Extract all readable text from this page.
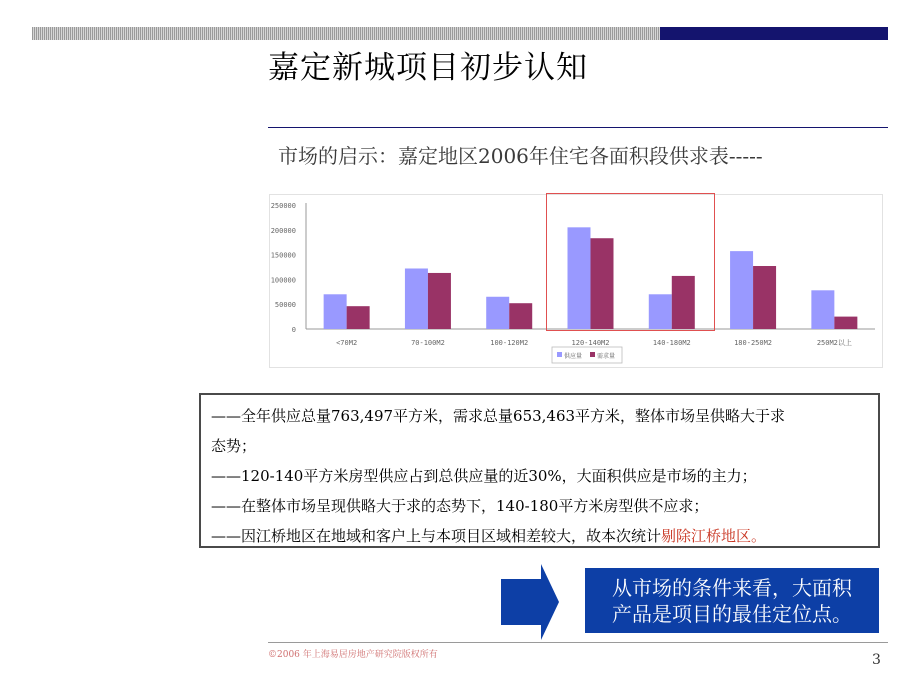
嘉定新城项目初步认知
市场的启示：嘉定地区2006年住宅各面积段供求表-----
0
50000
100000
150000
200000
250000
<70M2	70-100M2	100-120M2	120-140M2	140-180M2	180-250M2	250M2以上
供应量 需求量

——全年供应总量763,497平方米，需求总量653,463平方米，整体市场呈供略大于求

态势；

——120-140平方米房型供应占到总供应量的近30%，大面积供应是市场的主力；

——在整体市场呈现供略大于求的态势下，140-180平方米房型供不应求；

——因江桥地区在地域和客户上与本项目区域相差较大，故本次统计剔除江桥地区。

从市场的条件来看，大面积
产品是项目的最佳定位点。
©2006 年上海易居房地产研究院版权所有	3
